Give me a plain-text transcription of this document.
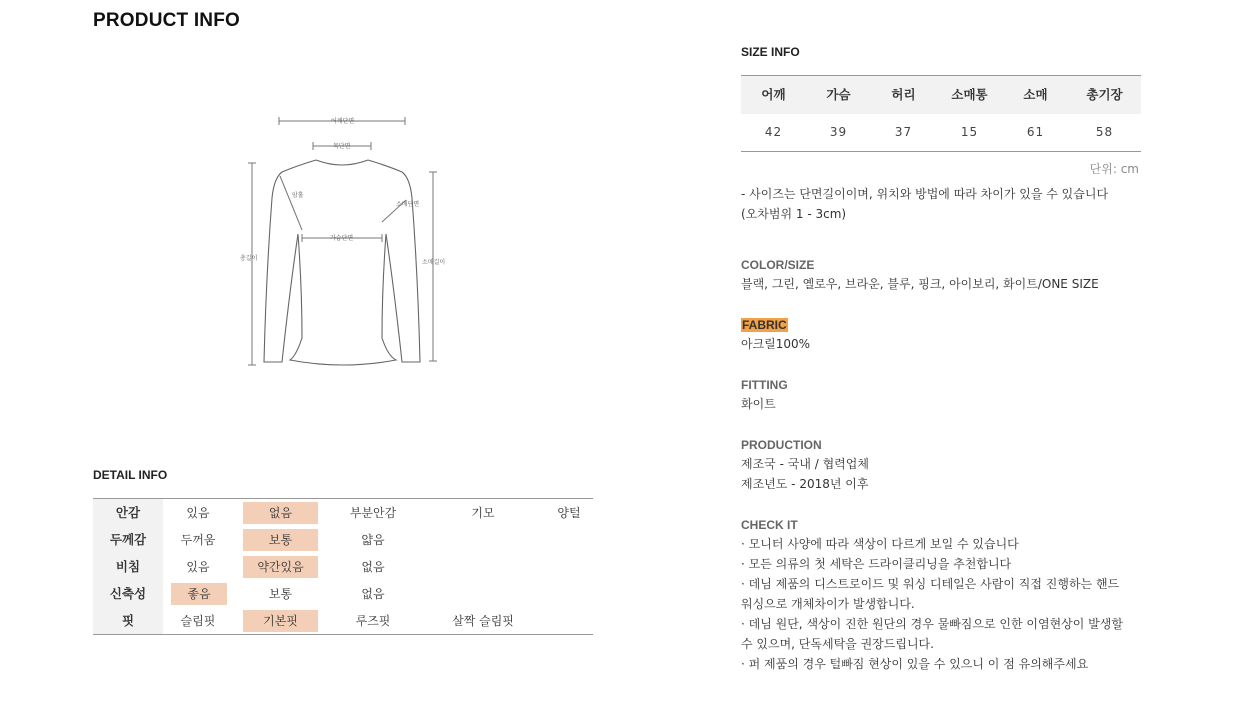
PRODUCT INFO
어깨단면
목단면
암홀
소매단면
가슴단면
총길이
소매길이
DETAIL INFO
안감	있음	없음	부분안감	기모	양털
두께감	두꺼움	보통	얇음
비침	있음	약간있음	없음
신축성	좋음	보통	없음
핏	슬림핏	기본핏	루즈핏	살짝 슬림핏
SIZE INFO
어깨	가슴	허리	소매통	소매	총기장
42	39	37	15	61	58
단위: cm
- 사이즈는 단면길이이며, 위치와 방법에 따라 차이가 있을 수 있습니다
(오차범위 1 - 3cm)
COLOR/SIZE
블랙, 그린, 옐로우, 브라운, 블루, 핑크, 아이보리, 화이트/ONE SIZE
FABRIC
아크릴100%
FITTING
화이트
PRODUCTION
제조국 - 국내 / 협력업체
제조년도 - 2018년 이후
CHECK IT
· 모니터 사양에 따라 색상이 다르게 보일 수 있습니다
· 모든 의류의 첫 세탁은 드라이클리닝을 추천합니다
· 데님 제품의 디스트로이드 및 워싱 디테일은 사람이 직접 진행하는 핸드
워싱으로 개체차이가 발생합니다.
· 데님 원단, 색상이 진한 원단의 경우 물빠짐으로 인한 이염현상이 발생할
수 있으며, 단독세탁을 권장드립니다.
· 퍼 제품의 경우 털빠짐 현상이 있을 수 있으니 이 점 유의해주세요
